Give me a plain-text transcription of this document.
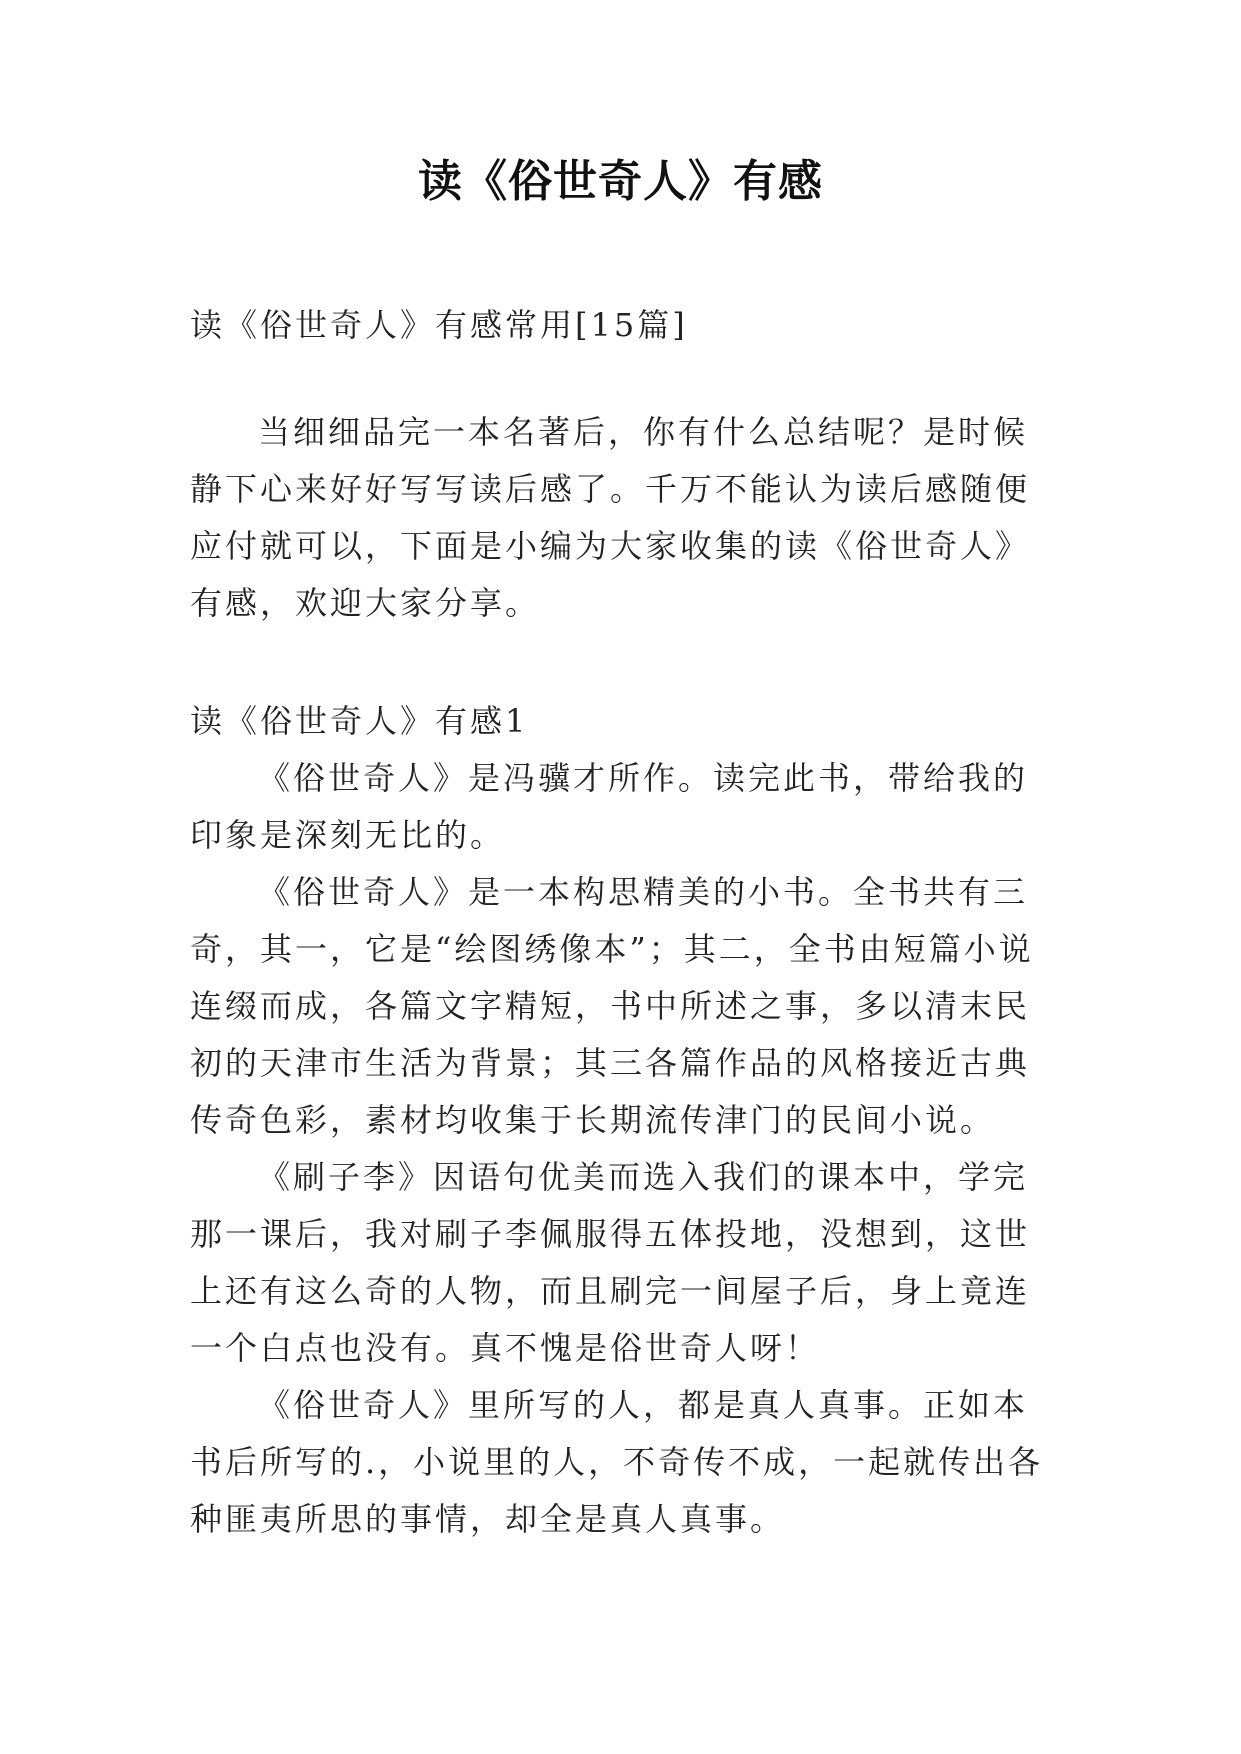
读《俗世奇人》有感

读《俗世奇人》有感常用[15篇]

当细细品完一本名著后，你有什么总结呢？是时候静下心来好好写写读后感了。千万不能认为读后感随便应付就可以，下面是小编为大家收集的读《俗世奇人》有感，欢迎大家分享。

读《俗世奇人》有感1

《俗世奇人》是冯骥才所作。读完此书，带给我的印象是深刻无比的。

《俗世奇人》是一本构思精美的小书。全书共有三奇，其一，它是“绘图绣像本”；其二，全书由短篇小说连缀而成，各篇文字精短，书中所述之事，多以清末民初的天津市生活为背景；其三各篇作品的风格接近古典传奇色彩，素材均收集于长期流传津门的民间小说。

《刷子李》因语句优美而选入我们的课本中，学完那一课后，我对刷子李佩服得五体投地，没想到，这世上还有这么奇的人物，而且刷完一间屋子后，身上竟连一个白点也没有。真不愧是俗世奇人呀！

《俗世奇人》里所写的人，都是真人真事。正如本书后所写的.，小说里的人，不奇传不成，一起就传出各种匪夷所思的事情，却全是真人真事。
